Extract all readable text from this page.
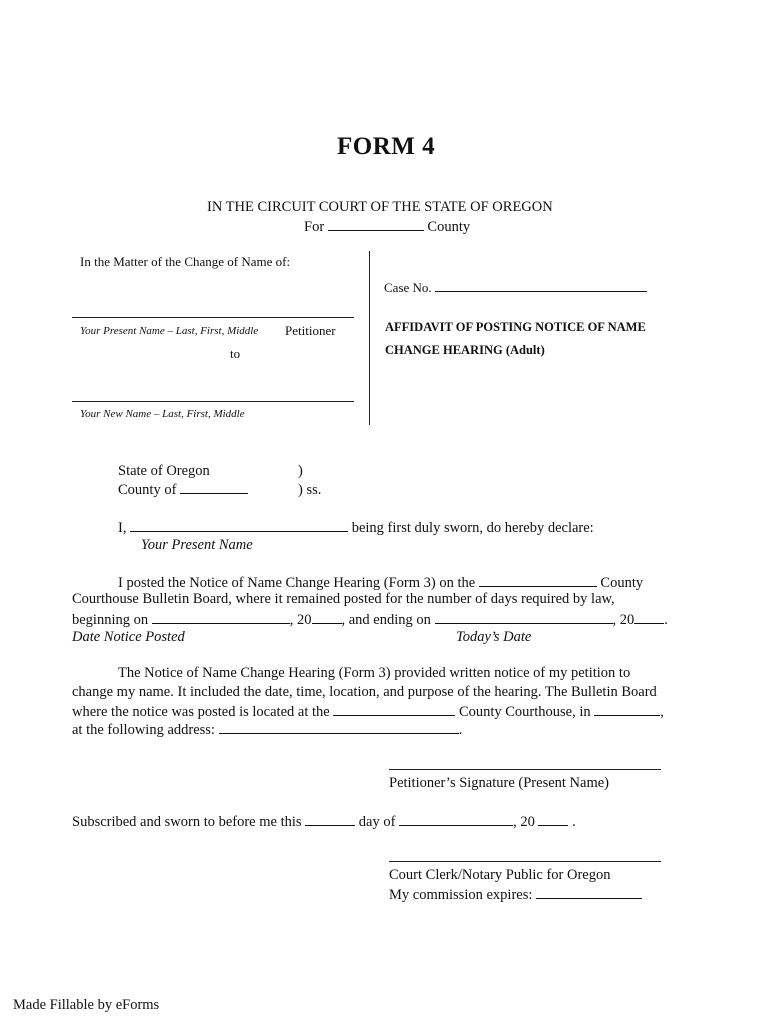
FORM 4
IN THE CIRCUIT COURT OF THE STATE OF OREGON
For	County
In the Matter of the Change of Name of:
Your Present Name – Last, First, Middle Petitioner
to
Your New Name – Last, First, Middle
Case No.
AFFIDAVIT OF POSTING NOTICE OF NAME
CHANGE HEARING (Adult)
State of Oregon	)
County of	) ss.
I,	being first duly sworn, do hereby declare:
Your Present Name
I posted the Notice of Name Change Hearing (Form 3) on the	County
Courthouse Bulletin Board, where it remained posted for the number of days required by law,
beginning on	, 20 , and ending on	, 20 .
Date Notice Posted	Today’s Date
The Notice of Name Change Hearing (Form 3) provided written notice of my petition to
change my name. It included the date, time, location, and purpose of the hearing. The Bulletin Board
where the notice was posted is located at the	County Courthouse, in	,
at the following address:	.
Petitioner’s Signature (Present Name)
Subscribed and sworn to before me this	day of	, 20	.
Court Clerk/Notary Public for Oregon
My commission expires:
Made Fillable by eForms
